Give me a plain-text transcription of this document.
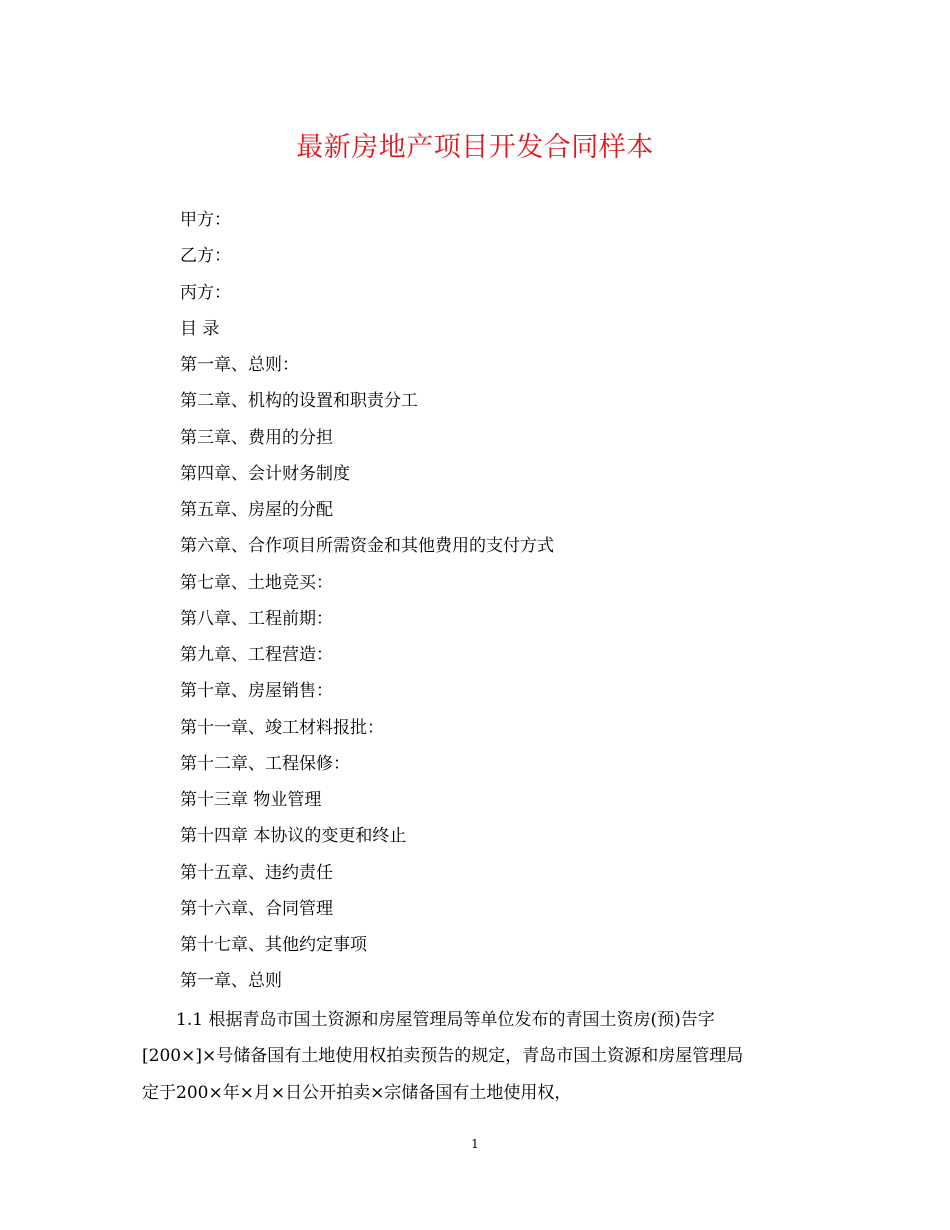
最新房地产项目开发合同样本
甲方：
乙方：
丙方：
目 录
第一章、总则：
第二章、机构的设置和职责分工
第三章、费用的分担
第四章、会计财务制度
第五章、房屋的分配
第六章、合作项目所需资金和其他费用的支付方式
第七章、土地竞买：
第八章、工程前期：
第九章、工程营造：
第十章、房屋销售：
第十一章、竣工材料报批：
第十二章、工程保修：
第十三章 物业管理
第十四章 本协议的变更和终止
第十五章、违约责任
第十六章、合同管理
第十七章、其他约定事项
第一章、总则
1.1 根据青岛市国土资源和房屋管理局等单位发布的青国土资房(预)告字
[200×]×号储备国有土地使用权拍卖预告的规定，青岛市国土资源和房屋管理局
定于200×年×月×日公开拍卖×宗储备国有土地使用权，
1
